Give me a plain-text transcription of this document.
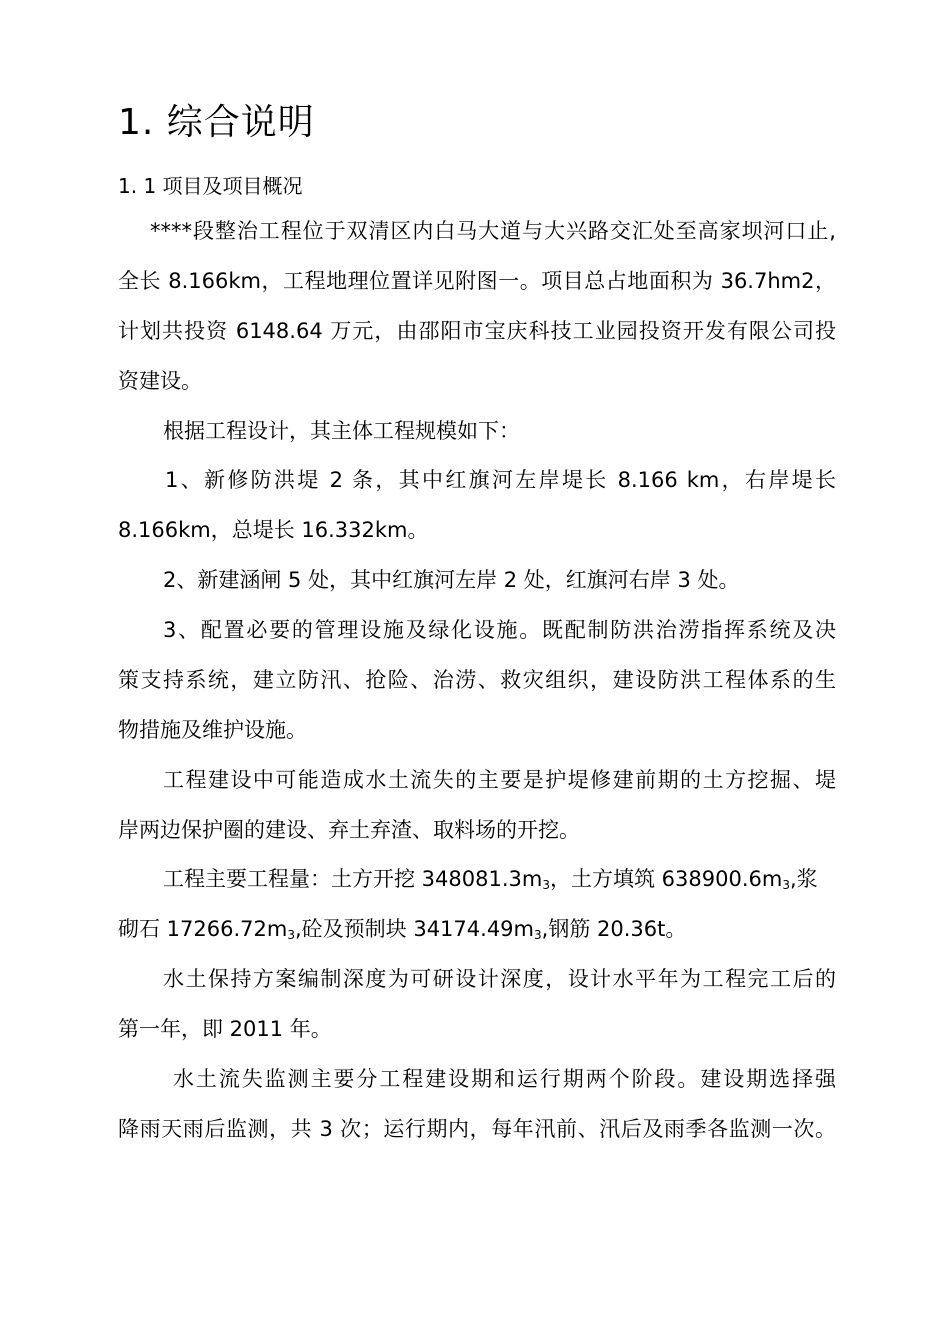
1. 综合说明
1. 1 项目及项目概况
****段整治工程位于双清区内白马大道与大兴路交汇处至高家坝河口止,
全长 8.166km，工程地理位置详见附图一。项目总占地面积为 36.7hm2，
计划共投资 6148.64 万元，由邵阳市宝庆科技工业园投资开发有限公司投
资建设。
根据工程设计，其主体工程规模如下：
1、新修防洪堤 2 条，其中红旗河左岸堤长 8.166 km，右岸堤长
8.166km，总堤长 16.332km。
2、新建涵闸 5 处，其中红旗河左岸 2 处，红旗河右岸 3 处。
3、配置必要的管理设施及绿化设施。既配制防洪治涝指挥系统及决
策支持系统，建立防汛、抢险、治涝、救灾组织，建设防洪工程体系的生
物措施及维护设施。
工程建设中可能造成水土流失的主要是护堤修建前期的土方挖掘、堤
岸两边保护圈的建设、弃土弃渣、取料场的开挖。
工程主要工程量：土方开挖 $348081.3m_3$，土方填筑 $638900.6m_3$,浆
砌石 $17266.72m_3$,砼及预制块 $34174.49m_3$,钢筋 20.36t。
水土保持方案编制深度为可研设计深度，设计水平年为工程完工后的
第一年，即 2011 年。
水土流失监测主要分工程建设期和运行期两个阶段。建设期选择强
降雨天雨后监测，共 3 次；运行期内，每年汛前、汛后及雨季各监测一次。
